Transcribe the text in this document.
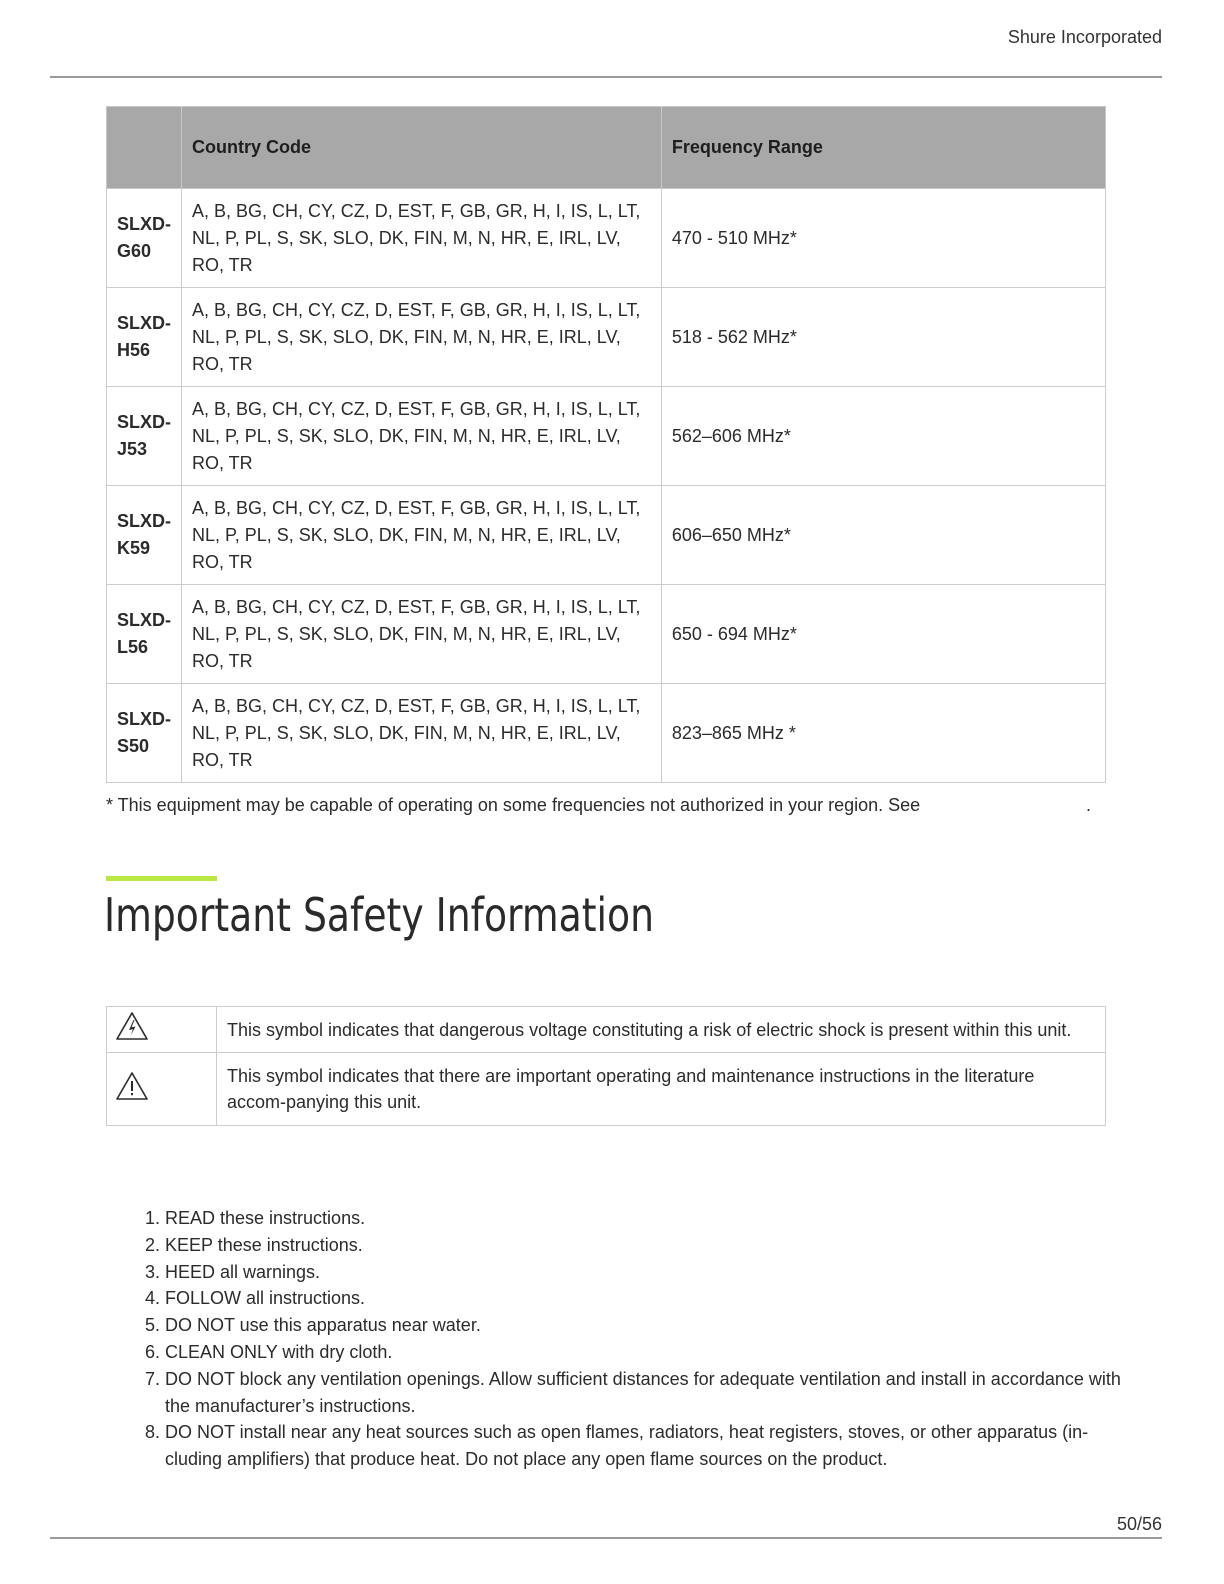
Shure Incorporated
	Country Code	Frequency Range
SLXD-G60	A, B, BG, CH, CY, CZ, D, EST, F, GB, GR, H, I, IS, L, LT, NL, P, PL, S, SK, SLO, DK, FIN, M, N, HR, E, IRL, LV, RO, TR	470 - 510 MHz*
SLXD-H56	A, B, BG, CH, CY, CZ, D, EST, F, GB, GR, H, I, IS, L, LT, NL, P, PL, S, SK, SLO, DK, FIN, M, N, HR, E, IRL, LV, RO, TR	518 - 562 MHz*
SLXD-J53	A, B, BG, CH, CY, CZ, D, EST, F, GB, GR, H, I, IS, L, LT, NL, P, PL, S, SK, SLO, DK, FIN, M, N, HR, E, IRL, LV, RO, TR	562–606 MHz*
SLXD-K59	A, B, BG, CH, CY, CZ, D, EST, F, GB, GR, H, I, IS, L, LT, NL, P, PL, S, SK, SLO, DK, FIN, M, N, HR, E, IRL, LV, RO, TR	606–650 MHz*
SLXD-L56	A, B, BG, CH, CY, CZ, D, EST, F, GB, GR, H, I, IS, L, LT, NL, P, PL, S, SK, SLO, DK, FIN, M, N, HR, E, IRL, LV, RO, TR	650 - 694 MHz*
SLXD-S50	A, B, BG, CH, CY, CZ, D, EST, F, GB, GR, H, I, IS, L, LT, NL, P, PL, S, SK, SLO, DK, FIN, M, N, HR, E, IRL, LV, RO, TR	823–865 MHz *
* This equipment may be capable of operating on some frequencies not authorized in your region. See	.
Important Safety Information
	This symbol indicates that dangerous voltage constituting a risk of electric shock is present within this unit.
	This symbol indicates that there are important operating and maintenance instructions in the literature accom-panying this unit.
1. READ these instructions.
2. KEEP these instructions.
3. HEED all warnings.
4. FOLLOW all instructions.
5. DO NOT use this apparatus near water.
6. CLEAN ONLY with dry cloth.
7. DO NOT block any ventilation openings. Allow sufficient distances for adequate ventilation and install in accordance with the manufacturer’s instructions.
8. DO NOT install near any heat sources such as open flames, radiators, heat registers, stoves, or other apparatus (in-cluding amplifiers) that produce heat. Do not place any open flame sources on the product.
50/56
